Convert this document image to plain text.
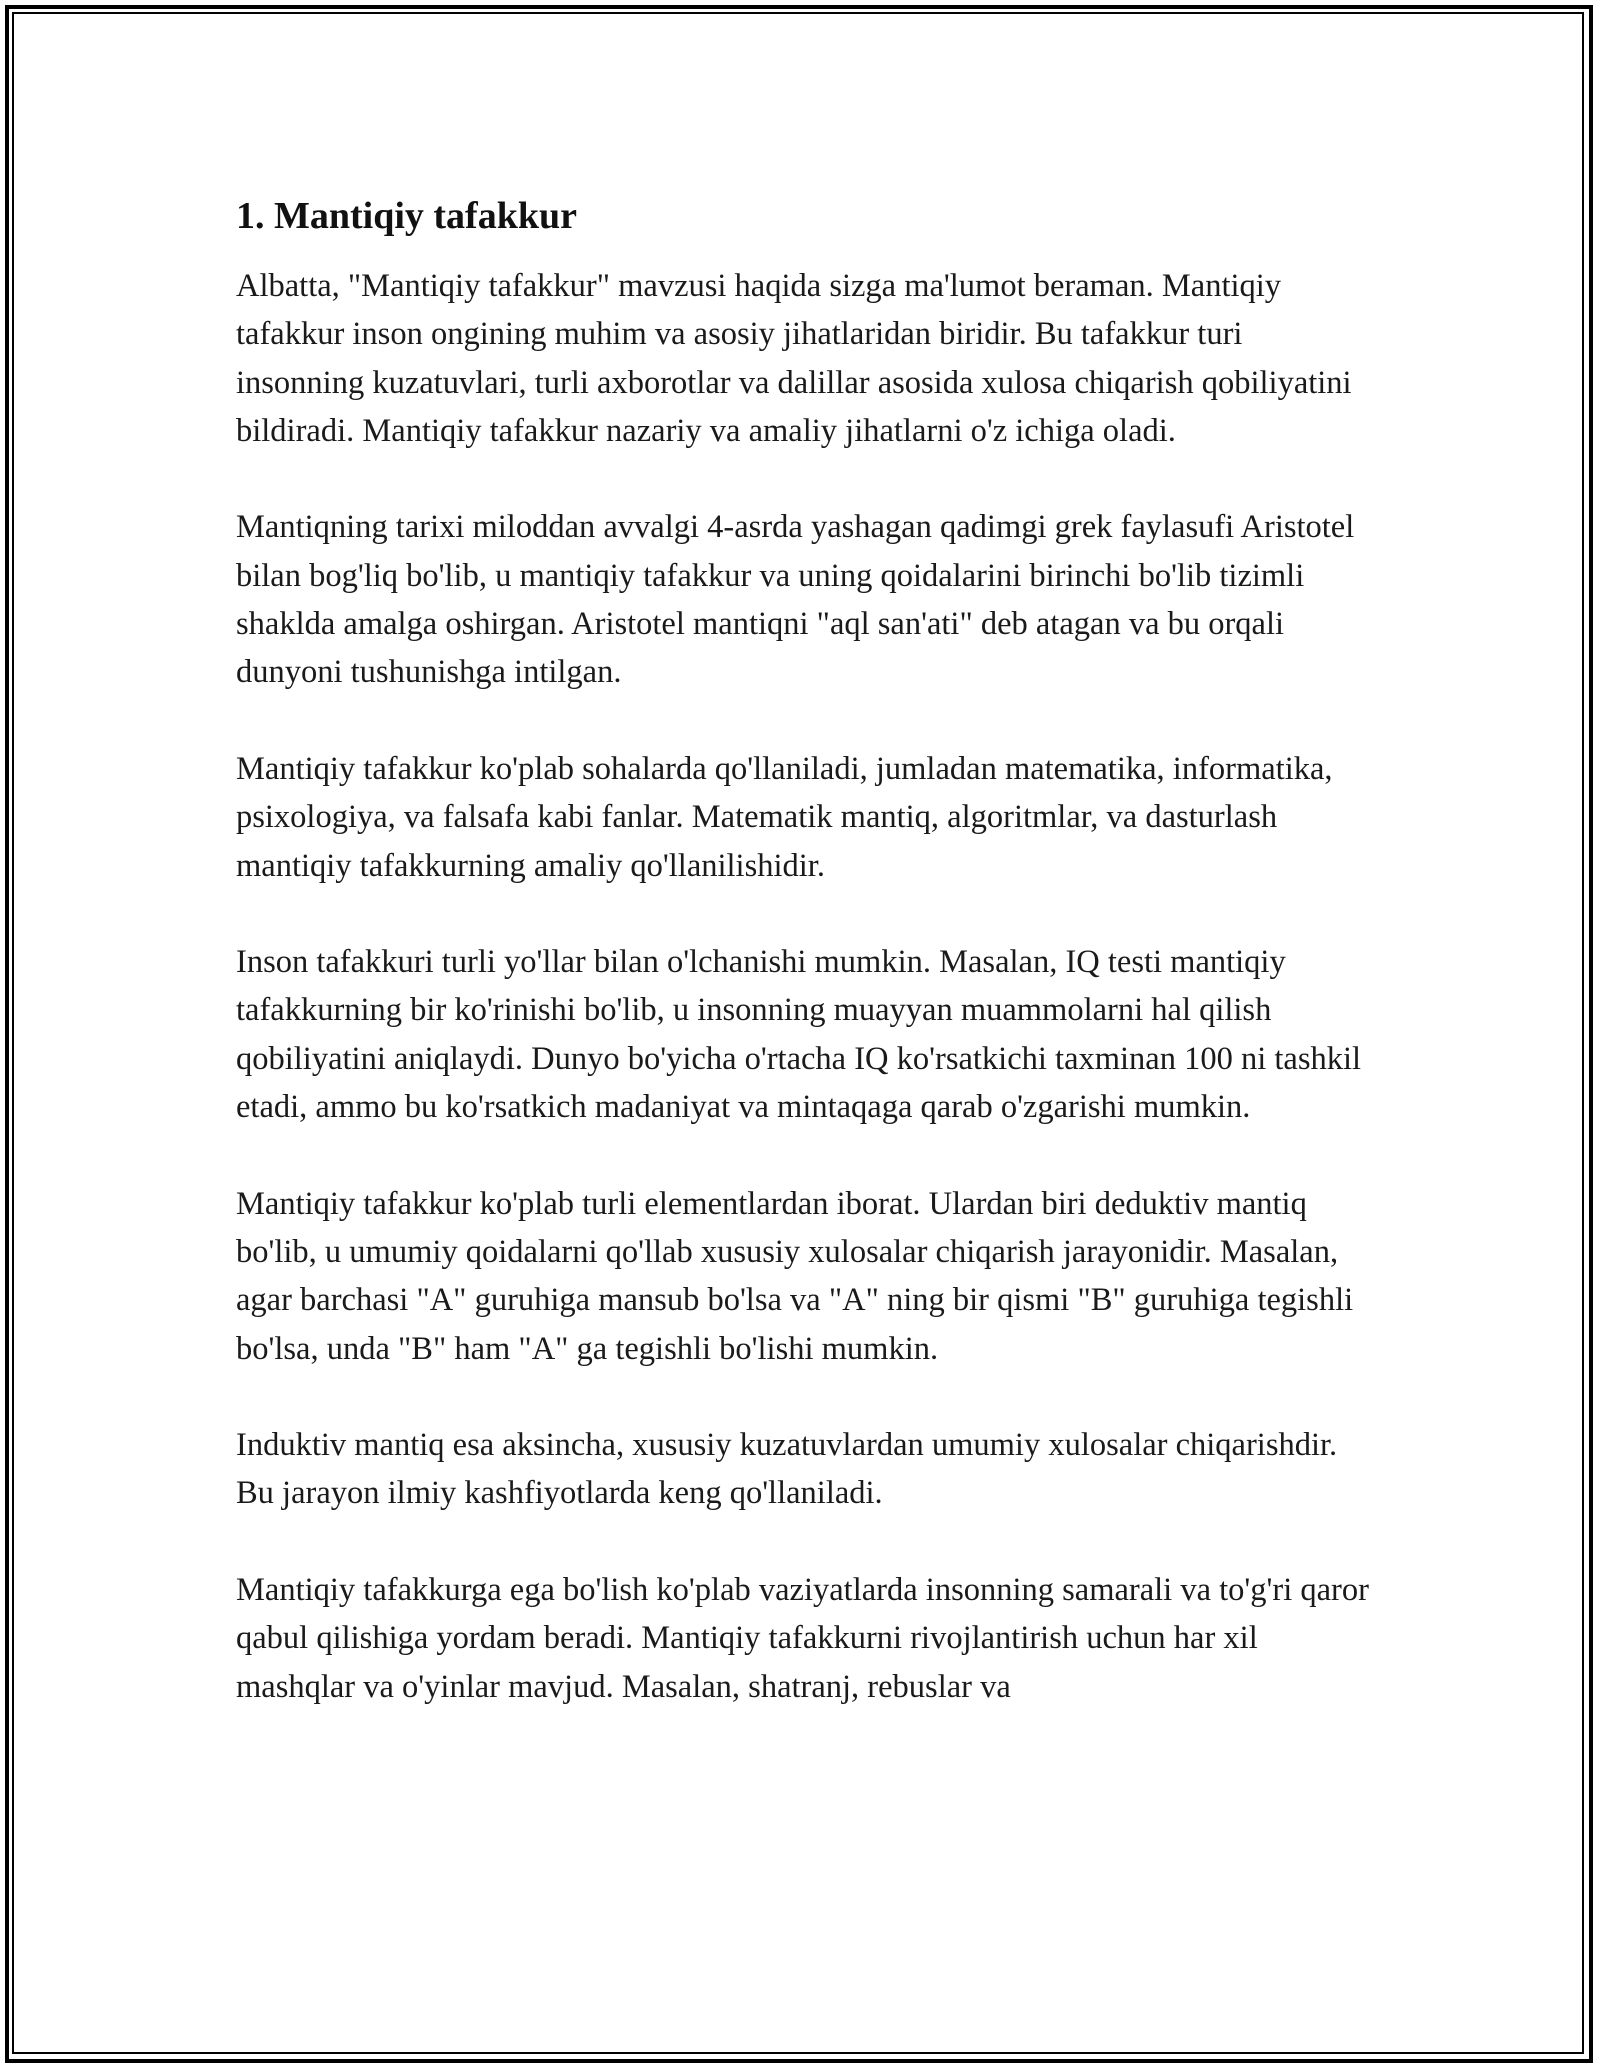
1. Mantiqiy tafakkur

Albatta, "Mantiqiy tafakkur" mavzusi haqida sizga ma'lumot beraman. Mantiqiy tafakkur inson ongining muhim va asosiy jihatlaridan biridir. Bu tafakkur turi insonning kuzatuvlari, turli axborotlar va dalillar asosida xulosa chiqarish qobiliyatini bildiradi. Mantiqiy tafakkur nazariy va amaliy jihatlarni o'z ichiga oladi.

Mantiqning tarixi miloddan avvalgi 4-asrda yashagan qadimgi grek faylasufi Aristotel bilan bog'liq bo'lib, u mantiqiy tafakkur va uning qoidalarini birinchi bo'lib tizimli shaklda amalga oshirgan. Aristotel mantiqni "aql san'ati" deb atagan va bu orqali dunyoni tushunishga intilgan.

Mantiqiy tafakkur ko'plab sohalarda qo'llaniladi, jumladan matematika, informatika, psixologiya, va falsafa kabi fanlar. Matematik mantiq, algoritmlar, va dasturlash mantiqiy tafakkurning amaliy qo'llanilishidir.

Inson tafakkuri turli yo'llar bilan o'lchanishi mumkin. Masalan, IQ testi mantiqiy tafakkurning bir ko'rinishi bo'lib, u insonning muayyan muammolarni hal qilish qobiliyatini aniqlaydi. Dunyo bo'yicha o'rtacha IQ ko'rsatkichi taxminan 100 ni tashkil etadi, ammo bu ko'rsatkich madaniyat va mintaqaga qarab o'zgarishi mumkin.

Mantiqiy tafakkur ko'plab turli elementlardan iborat. Ulardan biri deduktiv mantiq bo'lib, u umumiy qoidalarni qo'llab xususiy xulosalar chiqarish jarayonidir. Masalan, agar barchasi "A" guruhiga mansub bo'lsa va "A" ning bir qismi "B" guruhiga tegishli bo'lsa, unda "B" ham "A" ga tegishli bo'lishi mumkin.

Induktiv mantiq esa aksincha, xususiy kuzatuvlardan umumiy xulosalar chiqarishdir. Bu jarayon ilmiy kashfiyotlarda keng qo'llaniladi.

Mantiqiy tafakkurga ega bo'lish ko'plab vaziyatlarda insonning samarali va to'g'ri qaror qabul qilishiga yordam beradi. Mantiqiy tafakkurni rivojlantirish uchun har xil mashqlar va o'yinlar mavjud. Masalan, shatranj, rebuslar va
